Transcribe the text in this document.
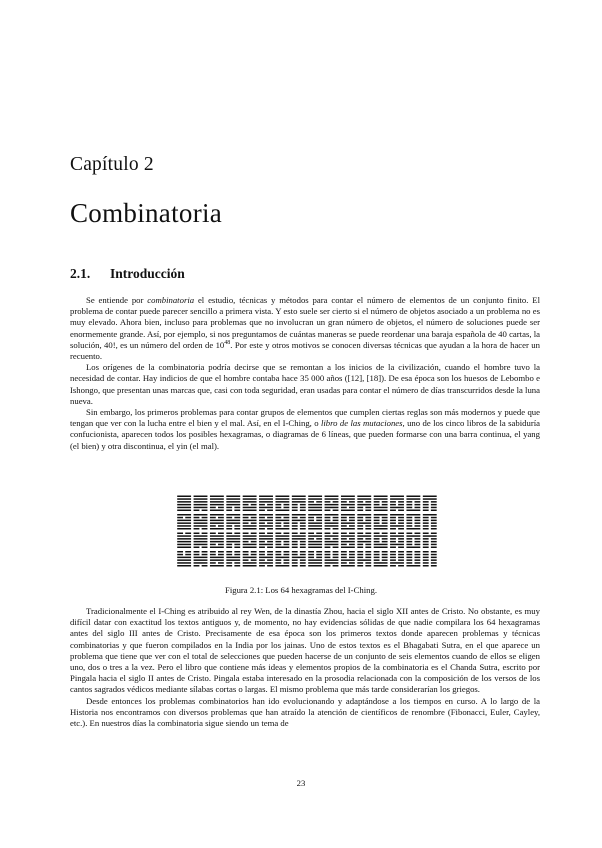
Capítulo 2
Combinatoria
2.1. Introducción

Se entiende por combinatoria el estudio, técnicas y métodos para contar el número de elementos de un conjunto finito. El problema de contar puede parecer sencillo a primera vista. Y esto suele ser cierto si el número de objetos asociado a un problema no es muy elevado. Ahora bien, incluso para problemas que no involucran un gran número de objetos, el número de soluciones puede ser enormemente grande. Así, por ejemplo, si nos preguntamos de cuántas maneras se puede reordenar una baraja española de 40 cartas, la solución, 40!, es un número del orden de $10^{48}$. Por este y otros motivos se conocen diversas técnicas que ayudan a la hora de hacer un recuento.

Los orígenes de la combinatoria podría decirse que se remontan a los inicios de la civilización, cuando el hombre tuvo la necesidad de contar. Hay indicios de que el hombre contaba hace 35 000 años ([12], [18]). De esa época son los huesos de Lebombo e Ishongo, que presentan unas marcas que, casi con toda seguridad, eran usadas para contar el número de días transcurridos desde la luna nueva.

Sin embargo, los primeros problemas para contar grupos de elementos que cumplen ciertas reglas son más modernos y puede que tengan que ver con la lucha entre el bien y el mal. Así, en el I-Ching, o libro de las mutaciones, uno de los cinco libros de la sabiduría confucionista, aparecen todos los posibles hexagramas, o diagramas de 6 líneas, que pueden formarse con una barra continua, el yang (el bien) y otra discontinua, el yin (el mal).

Figura 2.1: Los 64 hexagramas del I-Ching.

Tradicionalmente el I-Ching es atribuido al rey Wen, de la dinastía Zhou, hacia el siglo XII antes de Cristo. No obstante, es muy difícil datar con exactitud los textos antiguos y, de momento, no hay evidencias sólidas de que nadie compilara los 64 hexagramas antes del siglo III antes de Cristo. Precisamente de esa época son los primeros textos donde aparecen problemas y técnicas combinatorias y que fueron compilados en la India por los jainas. Uno de estos textos es el Bhagabati Sutra, en el que aparece un problema que tiene que ver con el total de selecciones que pueden hacerse de un conjunto de seis elementos cuando de ellos se eligen uno, dos o tres a la vez. Pero el libro que contiene más ideas y elementos propios de la combinatoria es el Chanda Sutra, escrito por Pingala hacia el siglo II antes de Cristo. Pingala estaba interesado en la prosodia relacionada con la composición de los versos de los cantos sagrados védicos mediante sílabas cortas o largas. El mismo problema que más tarde considerarían los griegos.

Desde entonces los problemas combinatorios han ido evolucionando y adaptándose a los tiempos en curso. A lo largo de la Historia nos encontramos con diversos problemas que han atraído la atención de científicos de renombre (Fibonacci, Euler, Cayley, etc.). En nuestros días la combinatoria sigue siendo un tema de

23
